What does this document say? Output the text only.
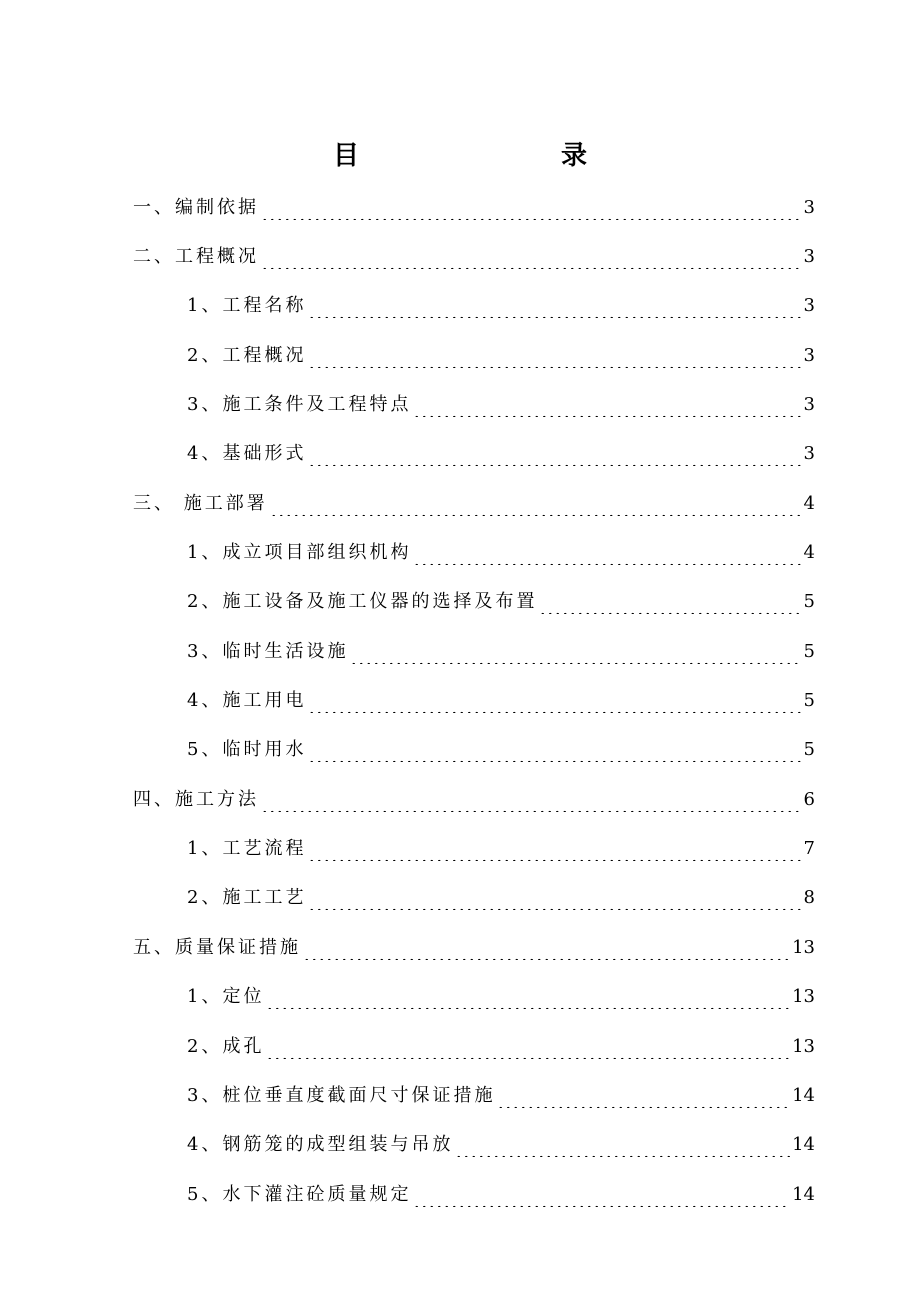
目　　录
一、编制依据	3
二、工程概况	3
1、工程名称	3
2、工程概况	3
3、施工条件及工程特点	3
4、基础形式	3
三、 施工部署	4
1、成立项目部组织机构	4
2、施工设备及施工仪器的选择及布置	5
3、临时生活设施	5
4、施工用电	5
5、临时用水	5
四、施工方法	6
1、工艺流程	7
2、施工工艺	8
五、质量保证措施	13
1、定位	13
2、成孔	13
3、桩位垂直度截面尺寸保证措施	14
4、钢筋笼的成型组装与吊放	14
5、水下灌注砼质量规定	14
